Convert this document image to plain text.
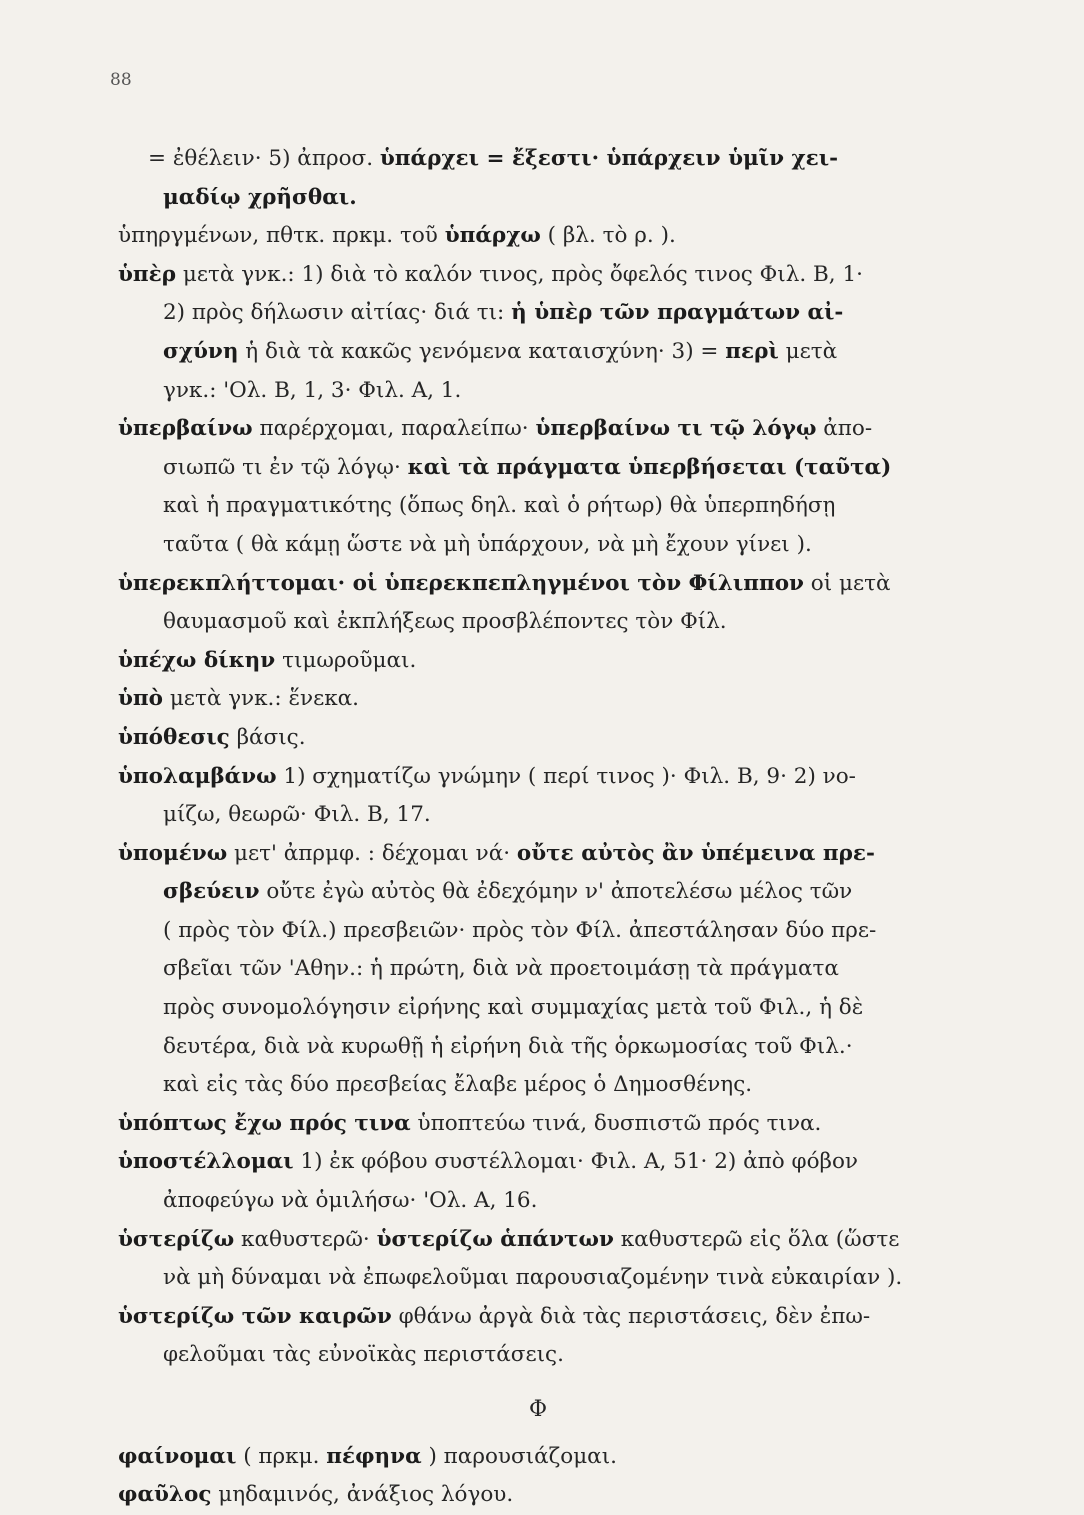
88
= ἐθέλειν· 5) ἀπροσ. ὑπάρχει = ἔξεστι· ὑπάρχειν ὑμῖν χει-
μαδίῳ χρῆσθαι.
ὑπηργμένων, πθτκ. πρκμ. τοῦ ὑπάρχω ( βλ. τὸ ρ. ).
ὑπὲρ μετὰ γνκ.: 1) διὰ τὸ καλόν τινος, πρὸς ὄφελός τινος Φιλ. Β, 1·
2) πρὸς δήλωσιν αἰτίας· διά τι: ἡ ὑπὲρ τῶν πραγμάτων αἰ-
σχύνη ἡ διὰ τὰ κακῶς γενόμενα καταισχύνη· 3) = περὶ μετὰ
γνκ.: 'Ολ. Β, 1, 3· Φιλ. Α, 1.
ὑπερβαίνω παρέρχομαι, παραλείπω· ὑπερβαίνω τι τῷ λόγῳ ἀπο-
σιωπῶ τι ἐν τῷ λόγῳ· καὶ τὰ πράγματα ὑπερβήσεται (ταῦτα)
καὶ ἡ πραγματικότης (ὅπως δηλ. καὶ ὁ ρήτωρ) θὰ ὑπερπηδήσῃ
ταῦτα ( θὰ κάμῃ ὥστε νὰ μὴ ὑπάρχουν, νὰ μὴ ἔχουν γίνει ).
ὑπερεκπλήττομαι· οἱ ὑπερεκπεπληγμένοι τὸν Φίλιππον οἱ μετὰ
θαυμασμοῦ καὶ ἐκπλήξεως προσβλέποντες τὸν Φίλ.
ὑπέχω δίκην τιμωροῦμαι.
ὑπὸ μετὰ γνκ.: ἕνεκα.
ὑπόθεσις βάσις.
ὑπολαμβάνω 1) σχηματίζω γνώμην ( περί τινος )· Φιλ. Β, 9· 2) νο-
μίζω, θεωρῶ· Φιλ. Β, 17.
ὑπομένω μετ' ἀπρμφ. : δέχομαι νά· οὔτε αὐτὸς ἂν ὑπέμεινα πρε-
σβεύειν οὔτε ἐγὼ αὐτὸς θὰ ἐδεχόμην ν' ἀποτελέσω μέλος τῶν
( πρὸς τὸν Φίλ.) πρεσβειῶν· πρὸς τὸν Φίλ. ἀπεστάλησαν δύο πρε-
σβεῖαι τῶν 'Αθην.: ἡ πρώτη, διὰ νὰ προετοιμάσῃ τὰ πράγματα
πρὸς συνομολόγησιν εἰρήνης καὶ συμμαχίας μετὰ τοῦ Φιλ., ἡ δὲ
δευτέρα, διὰ νὰ κυρωθῇ ἡ εἰρήνη διὰ τῆς ὁρκωμοσίας τοῦ Φιλ.·
καὶ εἰς τὰς δύο πρεσβείας ἔλαβε μέρος ὁ Δημοσθένης.
ὑπόπτως ἔχω πρός τινα ὑποπτεύω τινά, δυσπιστῶ πρός τινα.
ὑποστέλλομαι 1) ἐκ φόβου συστέλλομαι· Φιλ. Α, 51· 2) ἀπὸ φόβον
ἀποφεύγω νὰ ὁμιλήσω· 'Ολ. Α, 16.
ὑστερίζω καθυστερῶ· ὑστερίζω ἁπάντων καθυστερῶ εἰς ὅλα (ὥστε
νὰ μὴ δύναμαι νὰ ἐπωφελοῦμαι παρουσιαζομένην τινὰ εὐκαιρίαν ).
ὑστερίζω τῶν καιρῶν φθάνω ἀργὰ διὰ τὰς περιστάσεις, δὲν ἐπω-
φελοῦμαι τὰς εὐνοϊκὰς περιστάσεις.
Φ
φαίνομαι ( πρκμ. πέφηνα ) παρουσιάζομαι.
φαῦλος μηδαμινός, ἀνάξιος λόγου.
